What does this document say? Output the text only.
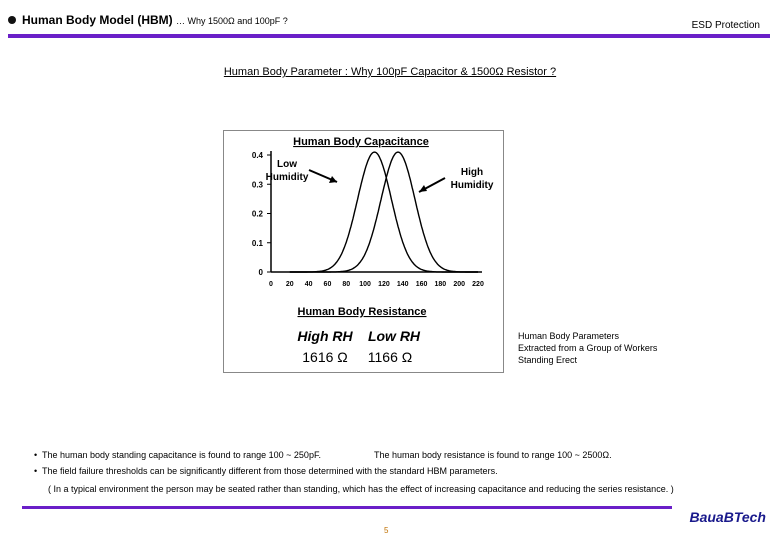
Human Body Model (HBM) … Why 1500Ω and 100pF ?	ESD Protection
Human Body Parameter : Why 100pF Capacitor & 1500Ω Resistor ?
Human Body Capacitance
0
0.1
0.2
0.3
0.4
0 20 40 60 80 100 120 140 160 180 200 220
Low
Humidity	High
Humidity
Human Body Resistance
High RH Low RH
1616 Ω 1166 Ω
Human Body Parameters
Extracted from a Group of Workers
Standing Erect
• The human body standing capacitance is found to range 100 ~ 250pF.	The human body resistance is found to range 100 ~ 2500Ω.
• The field failure thresholds can be significantly different from those determined with the standard HBM parameters.
( In a typical environment the person may be seated rather than standing, which has the effect of increasing capacitance and reducing the series resistance. )
5
BauaBTech
